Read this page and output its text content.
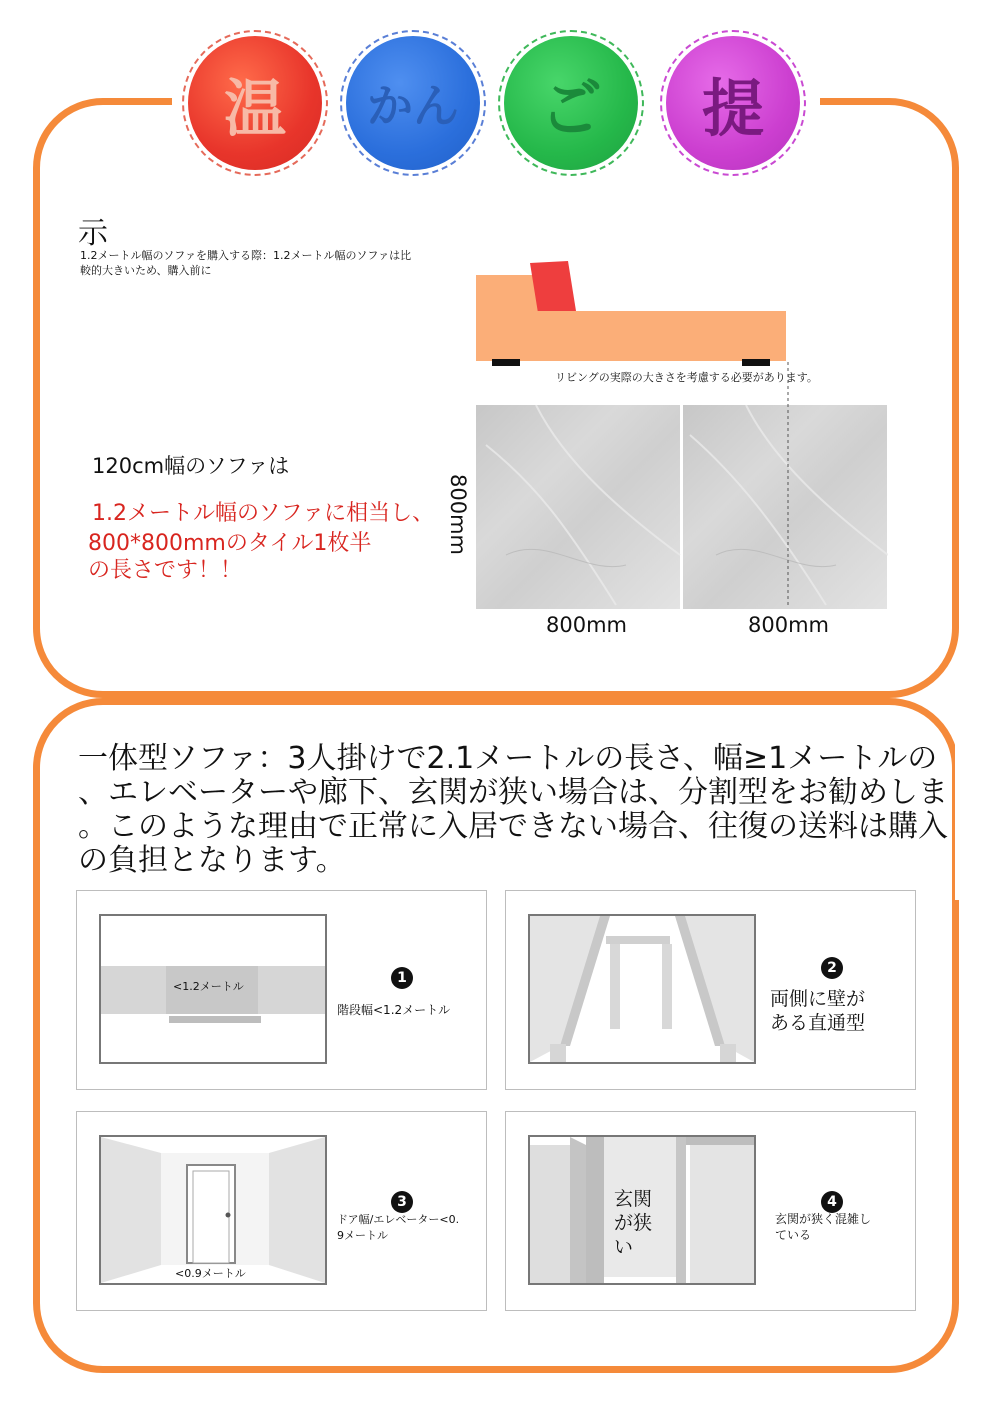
温	かん	ご	提
示
1.2メートル幅のソファを購入する際：1.2メートル幅のソファは比較的大きいため、購入前に
リビングの実際の大きさを考慮する必要があります。
120cm幅のソファは
1.2メートル幅のソファに相当し、
800*800mmのタイル1枚半
の長さです！！
800mm
800mm	800mm
一体型ソファ：3人掛けで2.1メートルの長さ、幅≥1メートルの
、エレベーターや廊下、玄関が狭い場合は、分割型をお勧めしま
。このような理由で正常に入居できない場合、往復の送料は購入
の負担となります。
<1.2メートル
1
階段幅<1.2メートル
2
両側に壁が
ある直通型
<0.9メートル
3
ドア幅/エレベーター<0.
9メートル
玄関
が狭
い
4
玄関が狭く混雑し
ている
